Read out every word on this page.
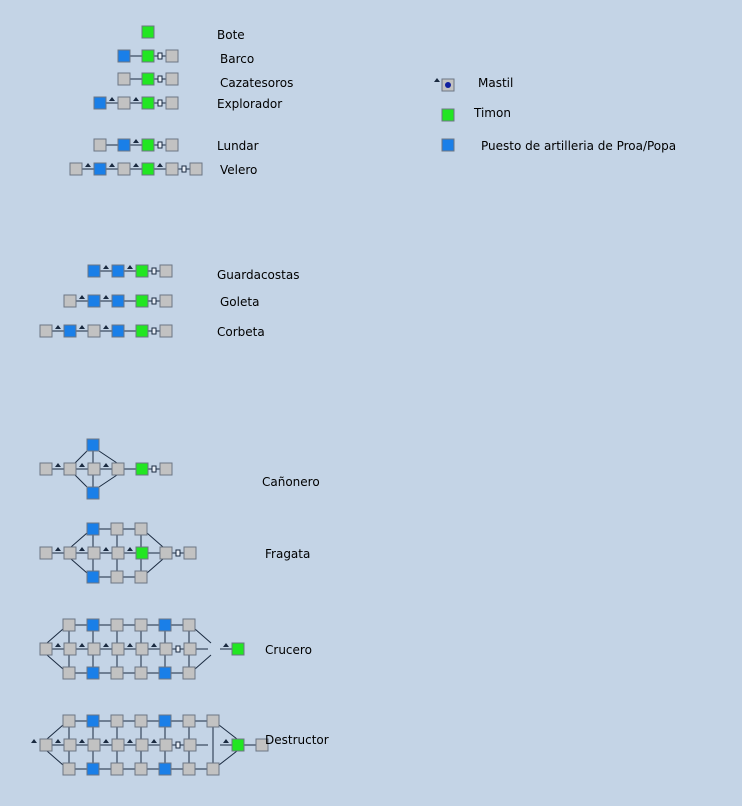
Mastil
Timon
Puesto de artilleria de Proa/Popa
Bote
Barco
Cazatesoros
Explorador
Lundar
Velero
Guardacostas
Goleta
Corbeta
Cañonero
Fragata
Crucero
Destructor
